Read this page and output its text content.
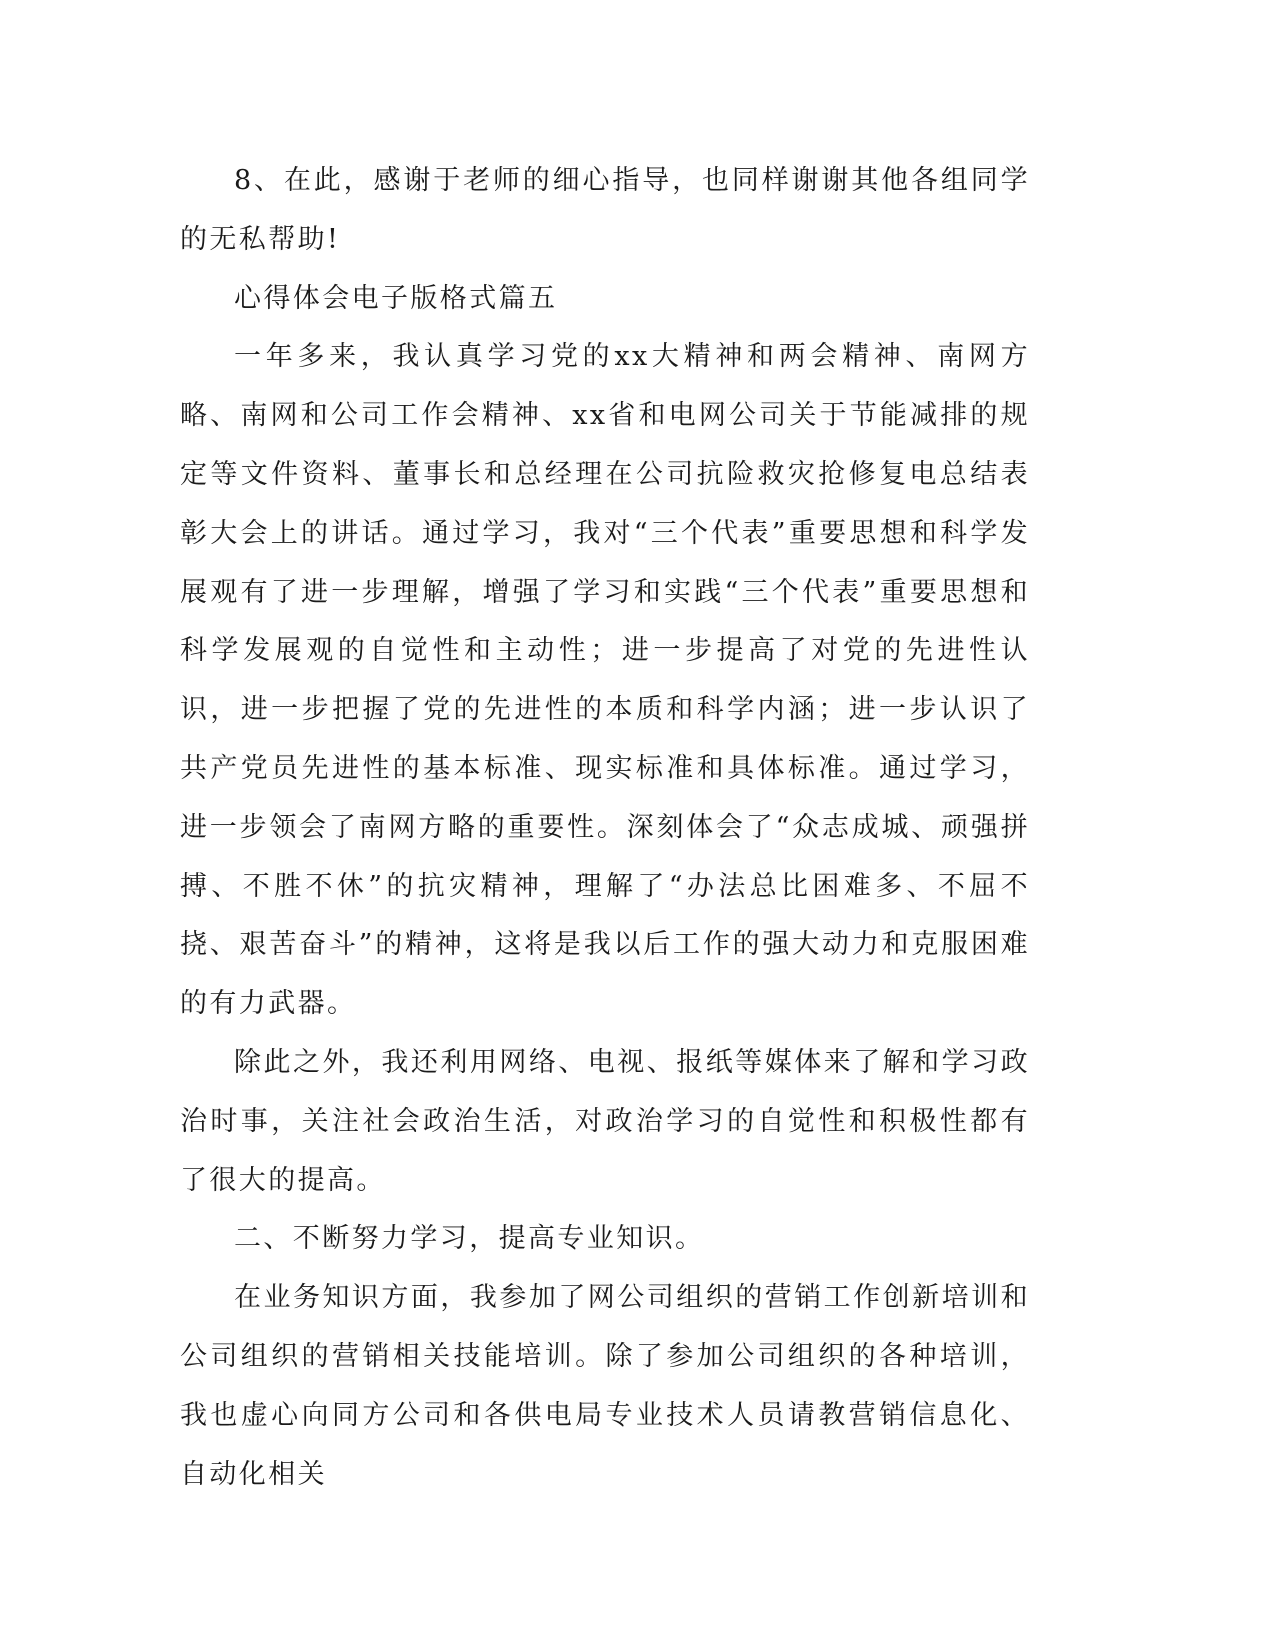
8、在此，感谢于老师的细心指导，也同样谢谢其他各组同学的无私帮助!

心得体会电子版格式篇五

一年多来，我认真学习党的xx大精神和两会精神、南网方略、南网和公司工作会精神、xx省和电网公司关于节能减排的规定等文件资料、董事长和总经理在公司抗险救灾抢修复电总结表彰大会上的讲话。通过学习，我对“三个代表”重要思想和科学发展观有了进一步理解，增强了学习和实践“三个代表”重要思想和科学发展观的自觉性和主动性；进一步提高了对党的先进性认识，进一步把握了党的先进性的本质和科学内涵；进一步认识了共产党员先进性的基本标准、现实标准和具体标准。通过学习，进一步领会了南网方略的重要性。深刻体会了“众志成城、顽强拼搏、不胜不休”的抗灾精神，理解了“办法总比困难多、不屈不挠、艰苦奋斗”的精神，这将是我以后工作的强大动力和克服困难的有力武器。

除此之外，我还利用网络、电视、报纸等媒体来了解和学习政治时事，关注社会政治生活，对政治学习的自觉性和积极性都有了很大的提高。

二、不断努力学习，提高专业知识。

在业务知识方面，我参加了网公司组织的营销工作创新培训和公司组织的营销相关技能培训。除了参加公司组织的各种培训，我也虚心向同方公司和各供电局专业技术人员请教营销信息化、自动化相关
